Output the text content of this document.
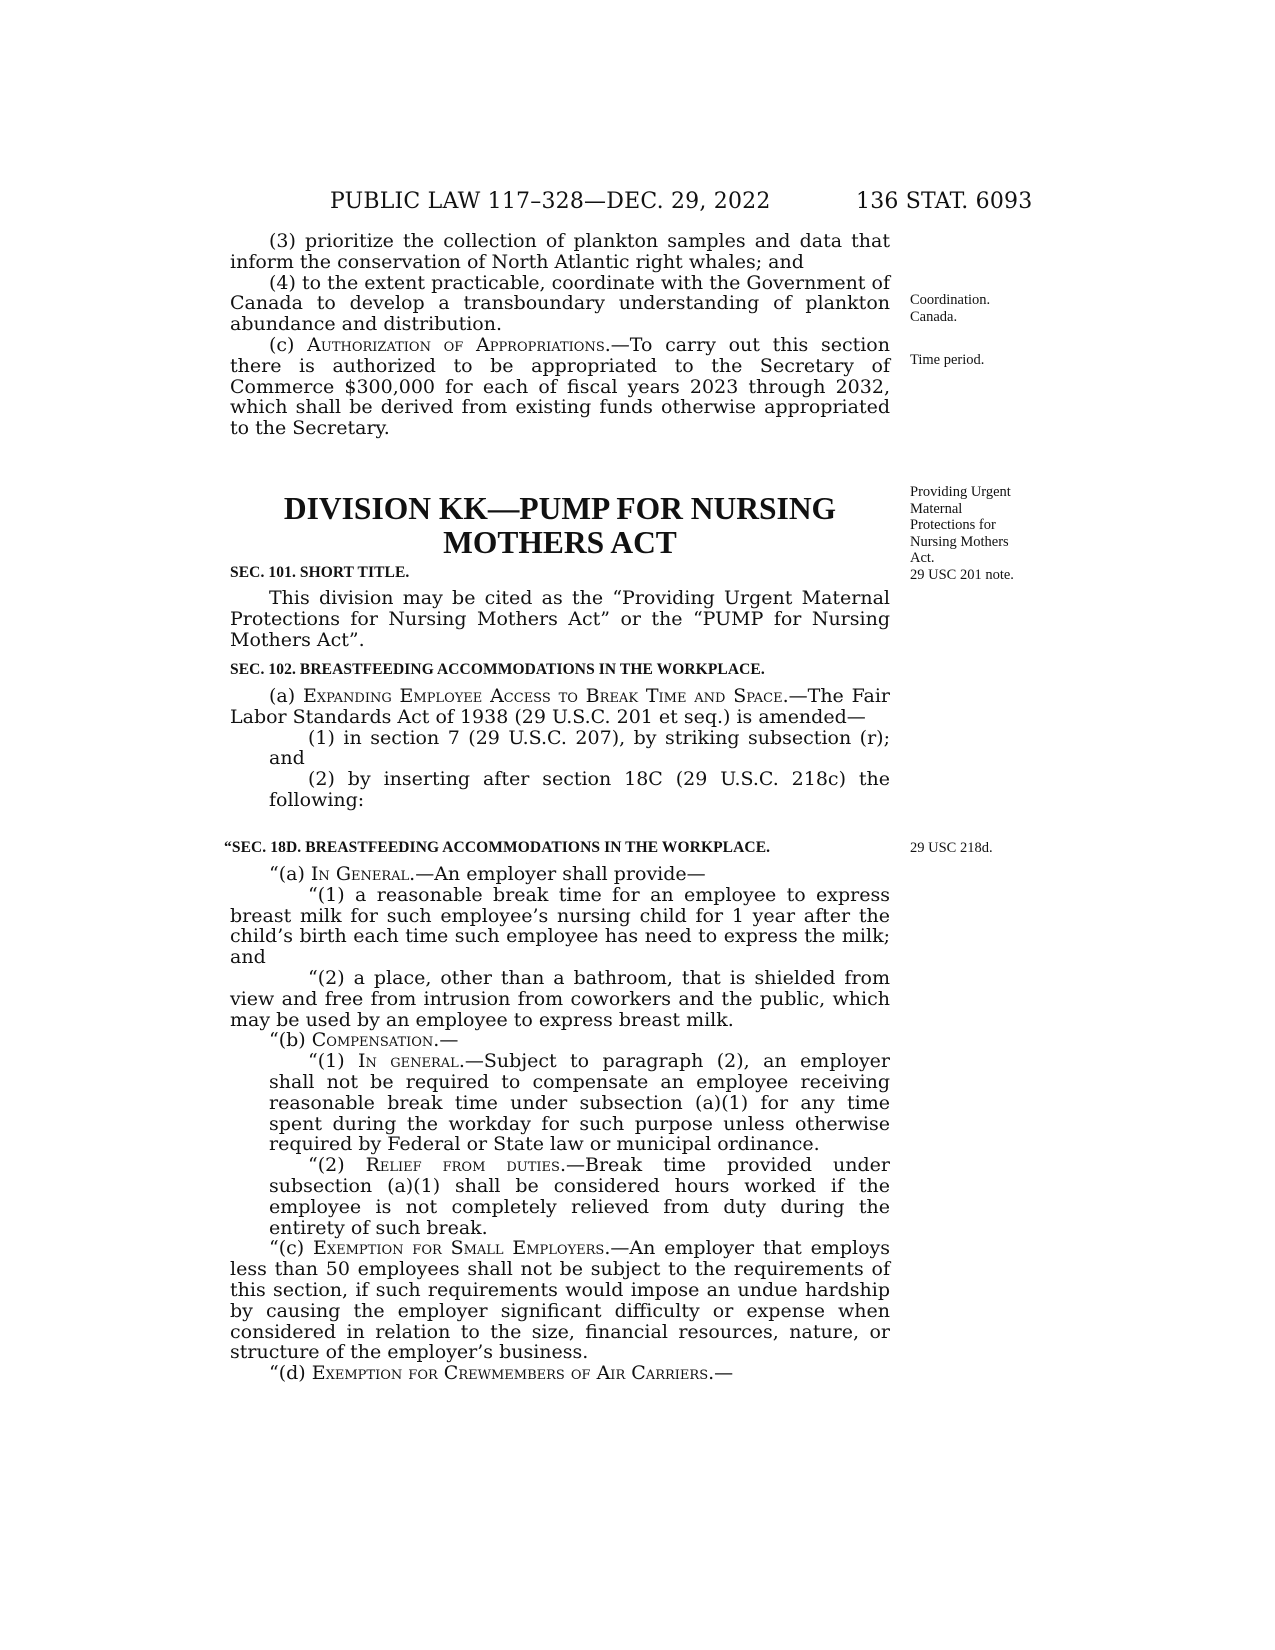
PUBLIC LAW 117–328—DEC. 29, 2022	136 STAT. 6093

(3) prioritize the collection of plankton samples and data that inform the conservation of North Atlantic right whales; and

(4) to the extent practicable, coordinate with the Government of Canada to develop a transboundary understanding of plankton abundance and distribution.

(c) Authorization of Appropriations.—To carry out this section there is authorized to be appropriated to the Secretary of Commerce $300,000 for each of fiscal years 2023 through 2032, which shall be derived from existing funds otherwise appropriated to the Secretary.

DIVISION KK—PUMP FOR NURSING
MOTHERS ACT
SEC. 101. SHORT TITLE.

This division may be cited as the “Providing Urgent Maternal Protections for Nursing Mothers Act” or the “PUMP for Nursing Mothers Act”.

SEC. 102. BREASTFEEDING ACCOMMODATIONS IN THE WORKPLACE.

(a) Expanding Employee Access to Break Time and Space.—The Fair Labor Standards Act of 1938 (29 U.S.C. 201 et seq.) is amended—

(1) in section 7 (29 U.S.C. 207), by striking subsection (r); and

(2) by inserting after section 18C (29 U.S.C. 218c) the following:

“SEC. 18D. BREASTFEEDING ACCOMMODATIONS IN THE WORKPLACE.

“(a) In General.—An employer shall provide—

“(1) a reasonable break time for an employee to express breast milk for such employee’s nursing child for 1 year after the child’s birth each time such employee has need to express the milk; and

“(2) a place, other than a bathroom, that is shielded from view and free from intrusion from coworkers and the public, which may be used by an employee to express breast milk.

“(b) Compensation.—

“(1) In general.—Subject to paragraph (2), an employer shall not be required to compensate an employee receiving reasonable break time under subsection (a)(1) for any time spent during the workday for such purpose unless otherwise required by Federal or State law or municipal ordinance.

“(2) Relief from duties.—Break time provided under subsection (a)(1) shall be considered hours worked if the employee is not completely relieved from duty during the entirety of such break.

“(c) Exemption for Small Employers.—An employer that employs less than 50 employees shall not be subject to the requirements of this section, if such requirements would impose an undue hardship by causing the employer significant difficulty or expense when considered in relation to the size, financial resources, nature, or structure of the employer’s business.

“(d) Exemption for Crewmembers of Air Carriers.—

Coordination.
Canada.
Time period.
Providing Urgent
Maternal
Protections for
Nursing Mothers
Act.
29 USC 201 note.
29 USC 218d.
